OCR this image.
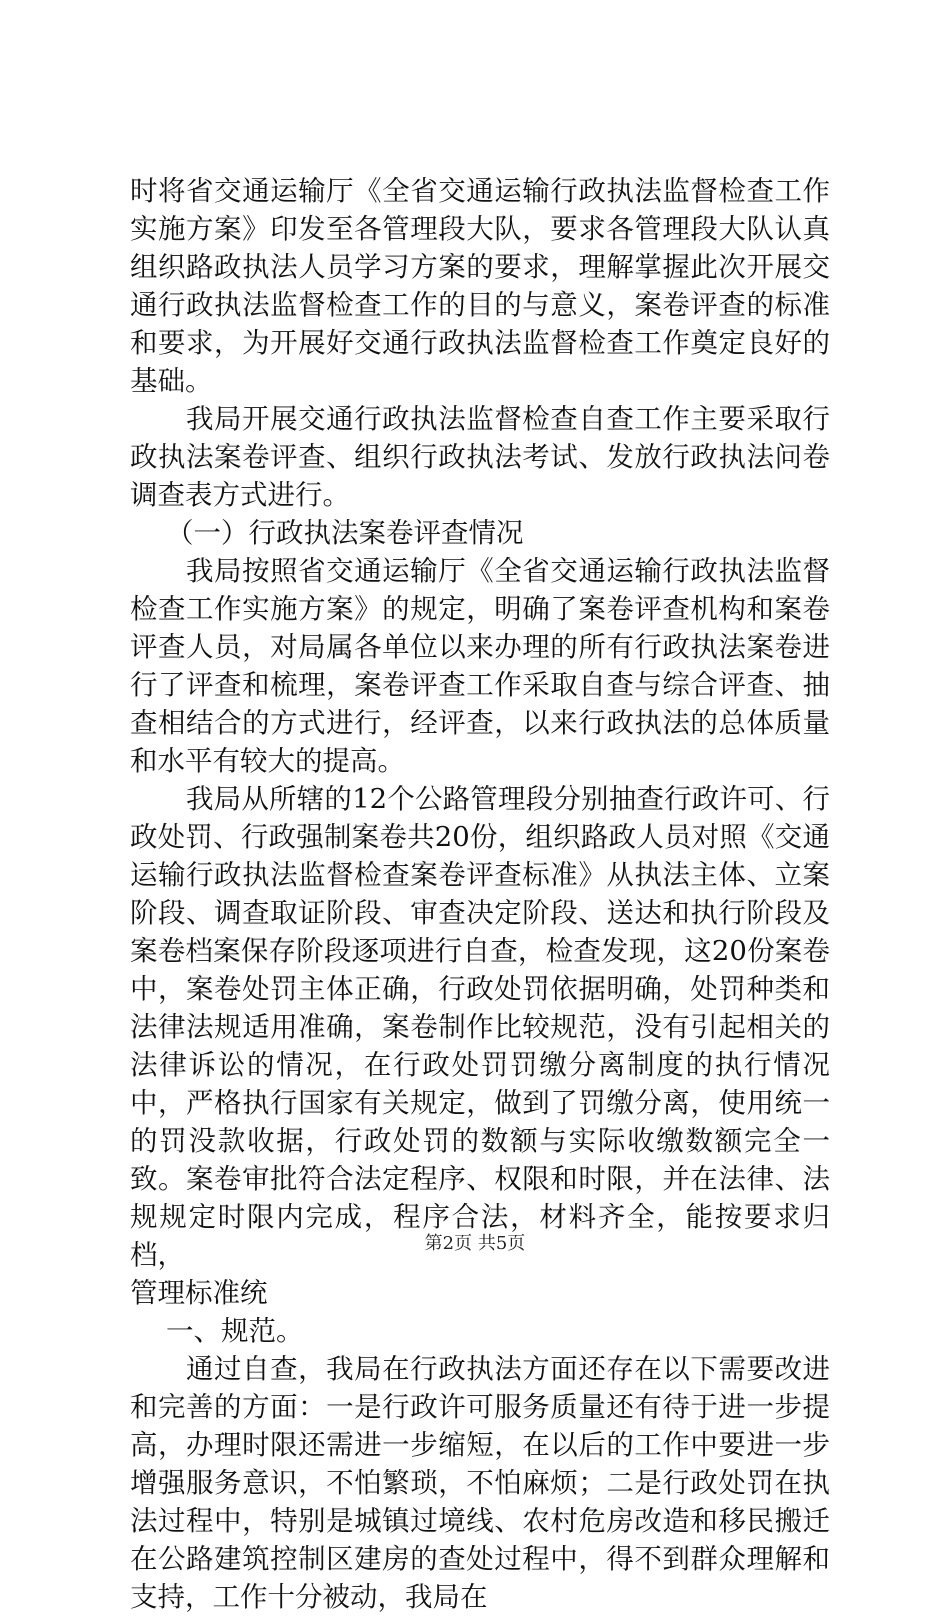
时将省交通运输厅《全省交通运输行政执法监督检查工作实施方案》印发至各管理段大队，要求各管理段大队认真组织路政执法人员学习方案的要求，理解掌握此次开展交通行政执法监督检查工作的目的与意义，案卷评查的标准和要求，为开展好交通行政执法监督检查工作奠定良好的基础。

我局开展交通行政执法监督检查自查工作主要采取行政执法案卷评查、组织行政执法考试、发放行政执法问卷调查表方式进行。

（一）行政执法案卷评查情况

我局按照省交通运输厅《全省交通运输行政执法监督检查工作实施方案》的规定，明确了案卷评查机构和案卷评查人员，对局属各单位以来办理的所有行政执法案卷进行了评查和梳理，案卷评查工作采取自查与综合评查、抽查相结合的方式进行，经评查，以来行政执法的总体质量和水平有较大的提高。

我局从所辖的12个公路管理段分别抽查行政许可、行政处罚、行政强制案卷共20份，组织路政人员对照《交通运输行政执法监督检查案卷评查标准》从执法主体、立案阶段、调查取证阶段、审查决定阶段、送达和执行阶段及案卷档案保存阶段逐项进行自查，检查发现，这20份案卷中，案卷处罚主体正确，行政处罚依据明确，处罚种类和法律法规适用准确，案卷制作比较规范，没有引起相关的法律诉讼的情况，在行政处罚罚缴分离制度的执行情况中，严格执行国家有关规定，做到了罚缴分离，使用统一的罚没款收据，行政处罚的数额与实际收缴数额完全一致。案卷审批符合法定程序、权限和时限，并在法律、法规规定时限内完成，程序合法，材料齐全，能按要求归档，

管理标准统

一、规范。

通过自查，我局在行政执法方面还存在以下需要改进和完善的方面：一是行政许可服务质量还有待于进一步提高，办理时限还需进一步缩短，在以后的工作中要进一步增强服务意识，不怕繁琐，不怕麻烦；二是行政处罚在执法过程中，特别是城镇过境线、农村危房改造和移民搬迁在公路建筑控制区建房的查处过程中，得不到群众理解和支持，工作十分被动，我局在

第2页 共5页
